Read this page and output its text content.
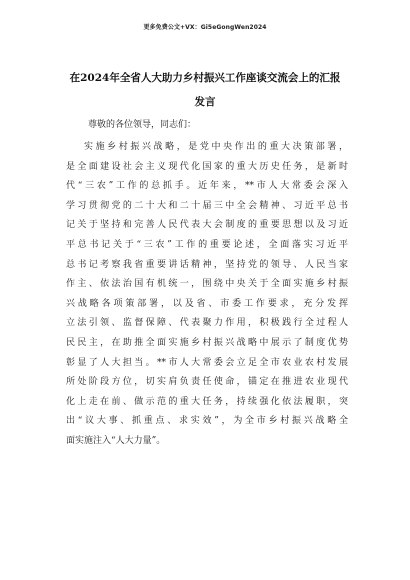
更多免费公文+VX：Gi5eGongWen2024
在2024年全省人大助力乡村振兴工作座谈交流会上的汇报
发言
尊敬的各位领导，同志们：
实施乡村振兴战略，是党中央作出的重大决策部署，
是全面建设社会主义现代化国家的重大历史任务，是新时
代“三农”工作的总抓手。近年来，**市人大常委会深入
学习贯彻党的二十大和二十届三中全会精神、习近平总书
记关于坚持和完善人民代表大会制度的重要思想以及习近
平总书记关于“三农”工作的重要论述，全面落实习近平
总书记考察我省重要讲话精神，坚持党的领导、人民当家
作主、依法治国有机统一，围绕中央关于全面实施乡村振
兴战略各项策部署，以及省、市委工作要求，充分发挥
立法引领、监督保障、代表聚力作用，积极践行全过程人
民民主，在助推全面实施乡村振兴战略中展示了制度优势
彰显了人大担当。**市人大常委会立足全市农业农村发展
所处阶段方位，切实肩负责任使命，锚定在推进农业现代
化上走在前、做示范的重大任务，持续强化依法履职，突
出“议大事、抓重点、求实效”，为全市乡村振兴战略全
面实施注入“人大力量”。
